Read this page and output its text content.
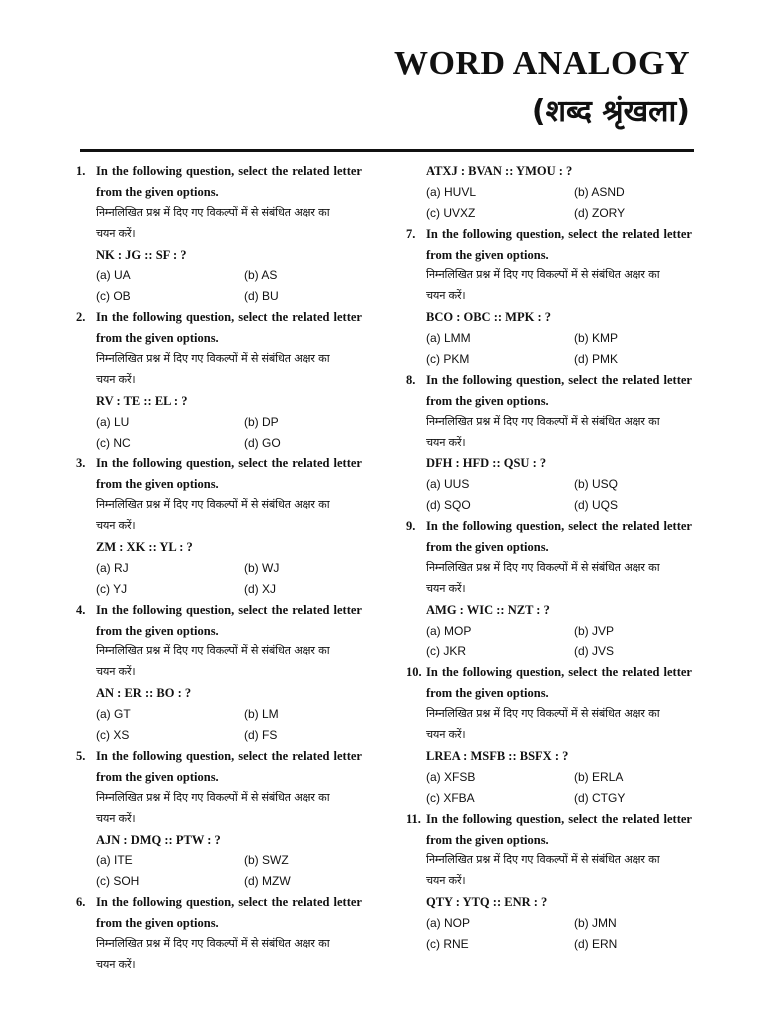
WORD ANALOGY
(शब्द श्रृंखला)
1. In the following question, select the related letter
from the given options.
निम्नलिखित प्रश्न में दिए गए विकल्पों में से संबंधित अक्षर का
चयन करें।
NK : JG :: SF : ?
(a) UA	(b) AS
(c) OB	(d) BU
2. In the following question, select the related letter
from the given options.
निम्नलिखित प्रश्न में दिए गए विकल्पों में से संबंधित अक्षर का
चयन करें।
RV : TE :: EL : ?
(a) LU	(b) DP
(c) NC	(d) GO
3. In the following question, select the related letter
from the given options.
निम्नलिखित प्रश्न में दिए गए विकल्पों में से संबंधित अक्षर का
चयन करें।
ZM : XK :: YL : ?
(a) RJ	(b) WJ
(c) YJ	(d) XJ
4. In the following question, select the related letter
from the given options.
निम्नलिखित प्रश्न में दिए गए विकल्पों में से संबंधित अक्षर का
चयन करें।
AN : ER :: BO : ?
(a) GT	(b) LM
(c) XS	(d) FS
5. In the following question, select the related letter
from the given options.
निम्नलिखित प्रश्न में दिए गए विकल्पों में से संबंधित अक्षर का
चयन करें।
AJN : DMQ :: PTW : ?
(a) ITE	(b) SWZ
(c) SOH	(d) MZW
6. In the following question, select the related letter
from the given options.
निम्नलिखित प्रश्न में दिए गए विकल्पों में से संबंधित अक्षर का
चयन करें।
ATXJ : BVAN :: YMOU : ?
(a) HUVL	(b) ASND
(c) UVXZ	(d) ZORY
7. In the following question, select the related letter
from the given options.
निम्नलिखित प्रश्न में दिए गए विकल्पों में से संबंधित अक्षर का
चयन करें।
BCO : OBC :: MPK : ?
(a) LMM	(b) KMP
(c) PKM	(d) PMK
8. In the following question, select the related letter
from the given options.
निम्नलिखित प्रश्न में दिए गए विकल्पों में से संबंधित अक्षर का
चयन करें।
DFH : HFD :: QSU : ?
(a) UUS	(b) USQ
(d) SQO	(d) UQS
9. In the following question, select the related letter
from the given options.
निम्नलिखित प्रश्न में दिए गए विकल्पों में से संबंधित अक्षर का
चयन करें।
AMG : WIC :: NZT : ?
(a) MOP	(b) JVP
(c) JKR	(d) JVS
10. In the following question, select the related letter
from the given options.
निम्नलिखित प्रश्न में दिए गए विकल्पों में से संबंधित अक्षर का
चयन करें।
LREA : MSFB :: BSFX : ?
(a) XFSB	(b) ERLA
(c) XFBA	(d) CTGY
11. In the following question, select the related letter
from the given options.
निम्नलिखित प्रश्न में दिए गए विकल्पों में से संबंधित अक्षर का
चयन करें।
QTY : YTQ :: ENR : ?
(a) NOP	(b) JMN
(c) RNE	(d) ERN
